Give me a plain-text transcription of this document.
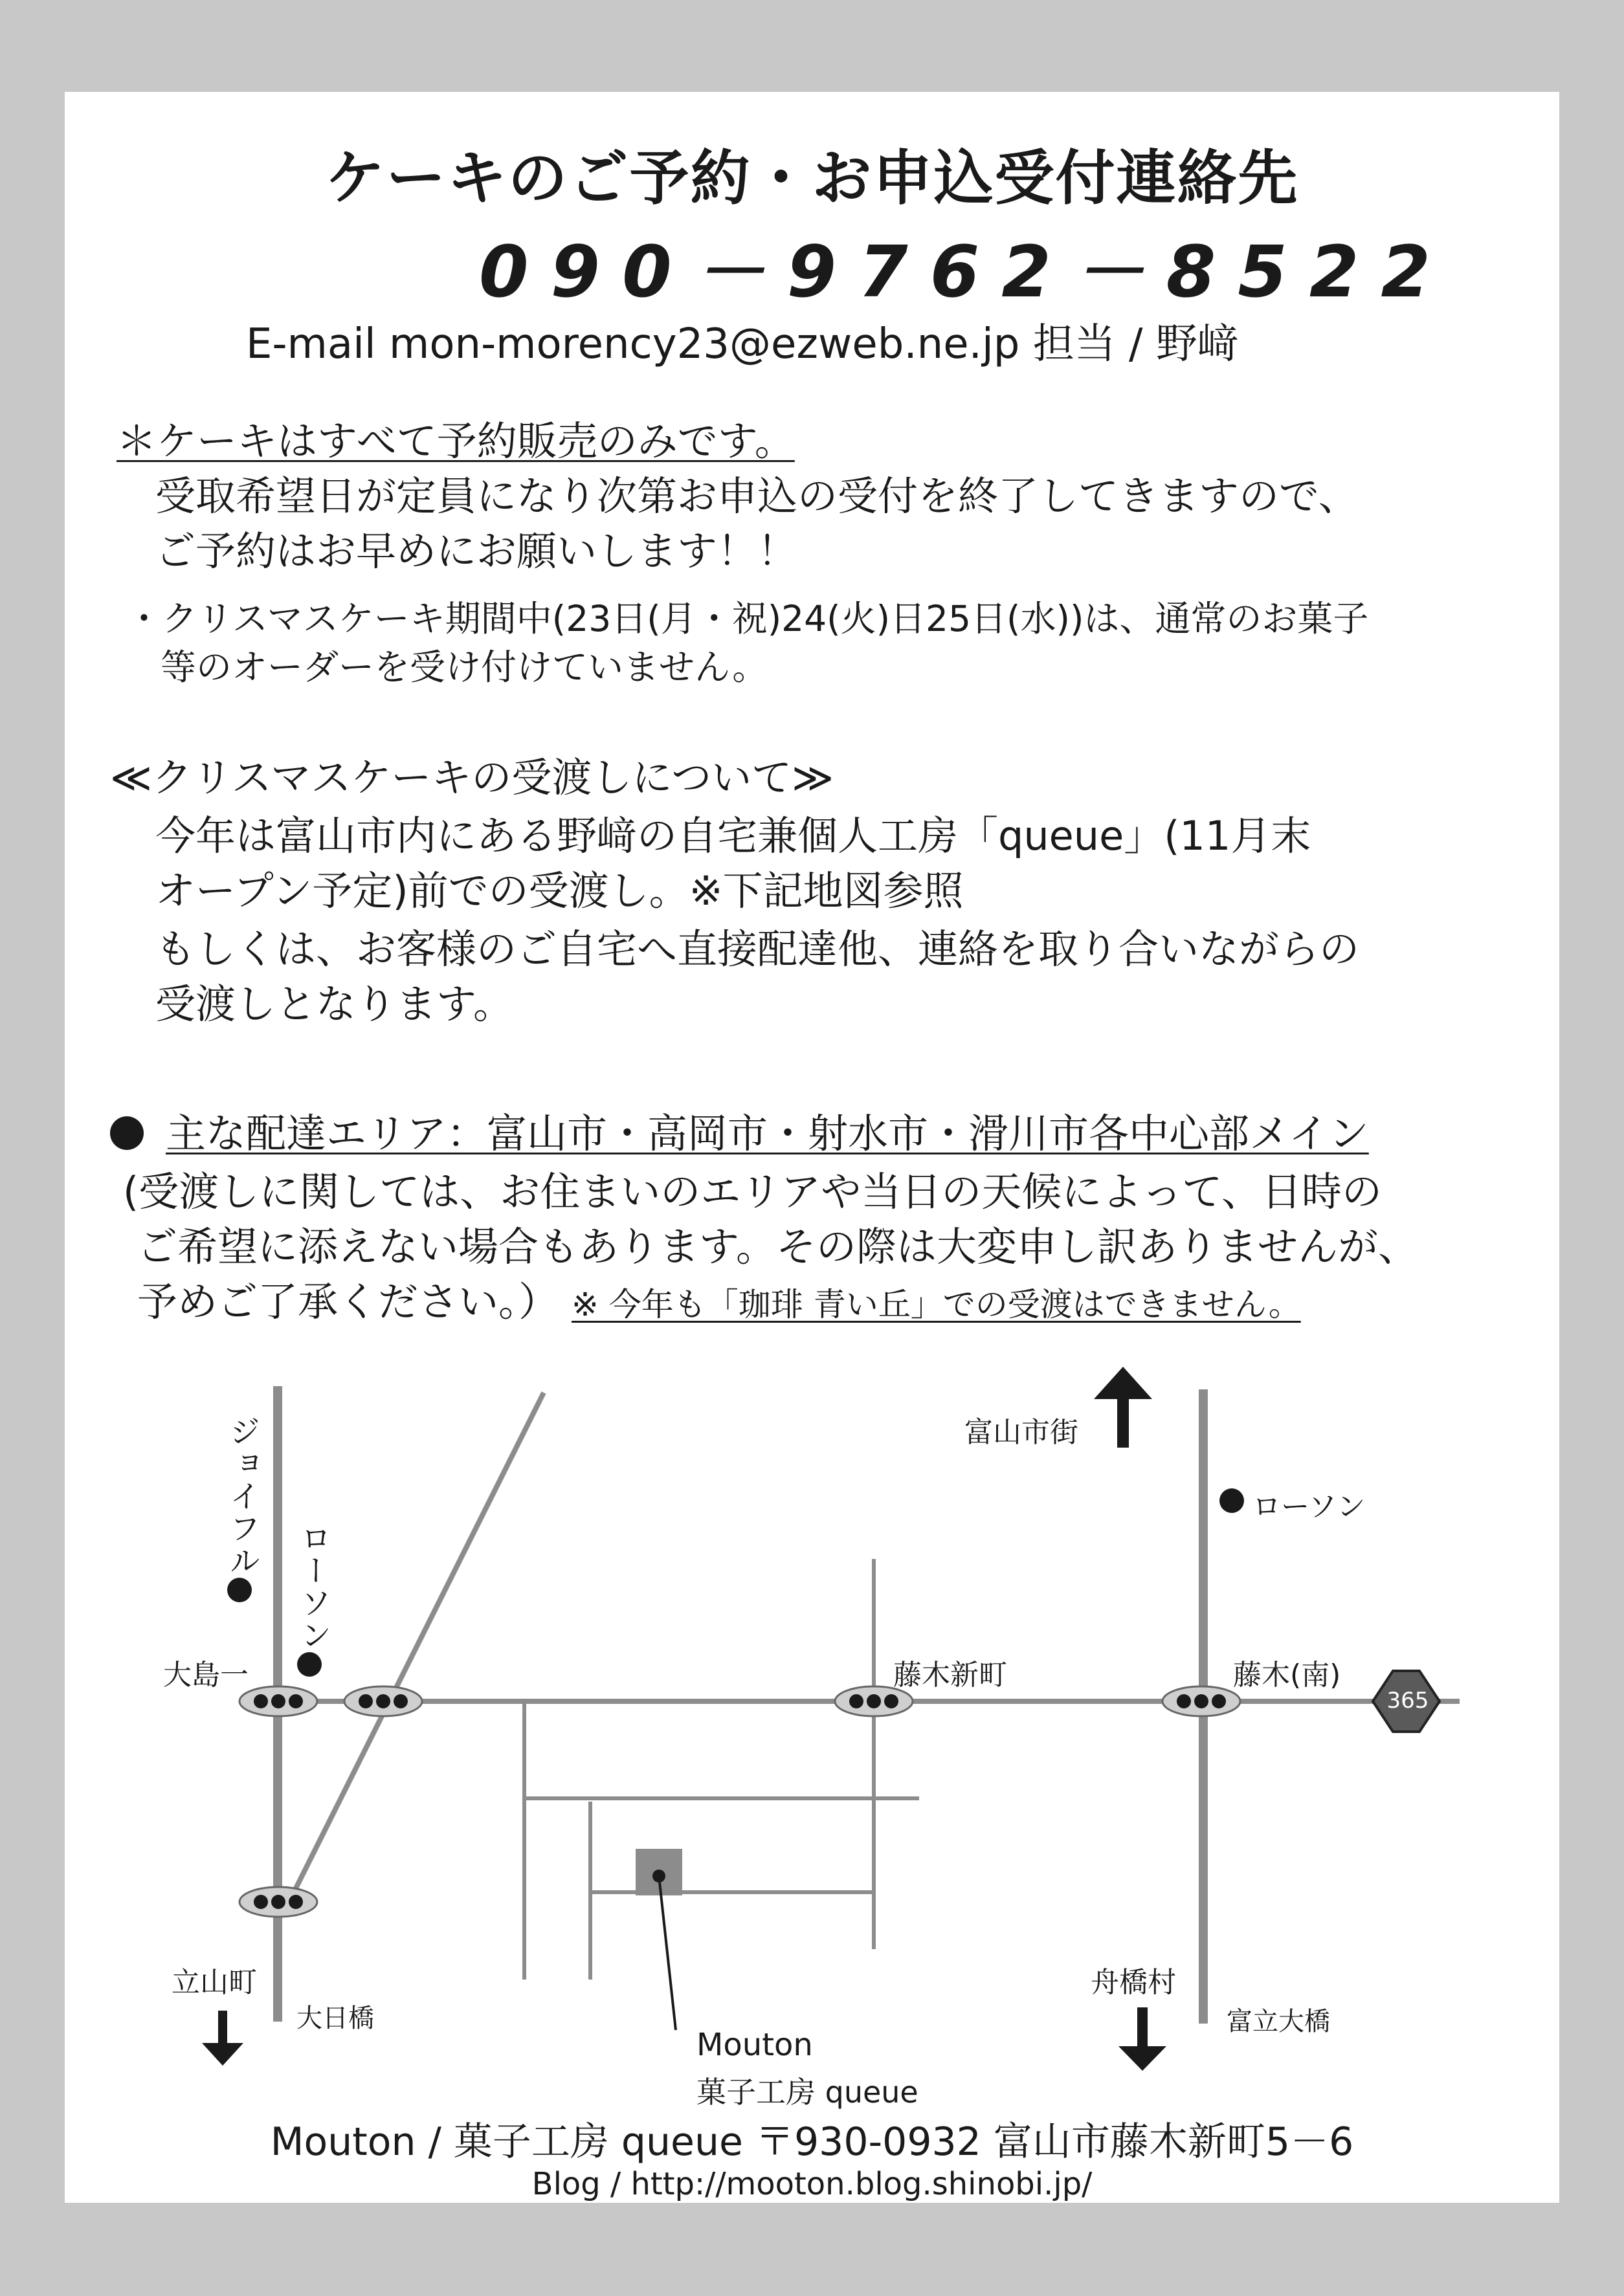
ケーキのご予約・お申込受付連絡先
090－9762－8522
E-mail mon-morency23@ezweb.ne.jp 担当 / 野﨑
＊ケーキはすべて予約販売のみです。
受取希望日が定員になり次第お申込の受付を終了してきますので、
ご予約はお早めにお願いします！！
・クリスマスケーキ期間中(23日(月・祝)24(火)日25日(水))は、通常のお菓子
等のオーダーを受け付けていません。
≪クリスマスケーキの受渡しについて≫
今年は富山市内にある野﨑の自宅兼個人工房「queue」(11月末
オープン予定)前での受渡し。※下記地図参照
もしくは、お客様のご自宅へ直接配達他、連絡を取り合いながらの
受渡しとなります。
主な配達エリア：富山市・高岡市・射水市・滑川市各中心部メイン
(受渡しに関しては、お住まいのエリアや当日の天候によって、日時の
ご希望に添えない場合もあります。その際は大変申し訳ありませんが、
予めご了承ください。） ※ 今年も「珈琲 青い丘」での受渡はできません。
ジョイフル
ローソン
大島一
富山市街
ローソン
藤木新町	藤木(南)
365
立山町
大日橋
舟橋村
富立大橋
Mouton
菓子工房 queue
Mouton / 菓子工房 queue 〒930-0932 富山市藤木新町5－6
Blog / http://mooton.blog.shinobi.jp/
